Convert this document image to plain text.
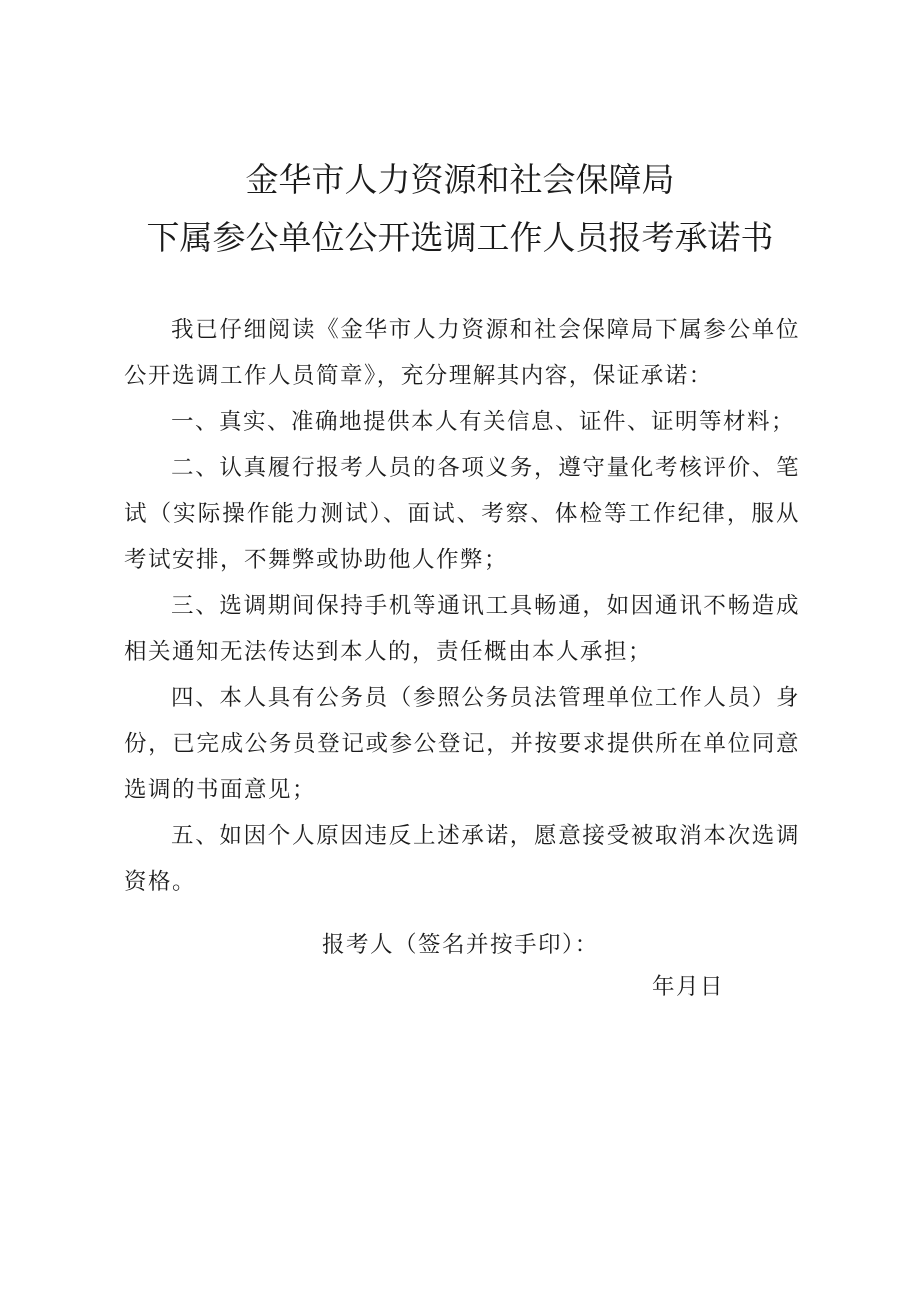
金华市人力资源和社会保障局
下属参公单位公开选调工作人员报考承诺书

我已仔细阅读《金华市人力资源和社会保障局下属参公单位公开选调工作人员简章》，充分理解其内容，保证承诺：

一、真实、准确地提供本人有关信息、证件、证明等材料；

二、认真履行报考人员的各项义务，遵守量化考核评价、笔试（实际操作能力测试）、面试、考察、体检等工作纪律，服从考试安排，不舞弊或协助他人作弊；

三、选调期间保持手机等通讯工具畅通，如因通讯不畅造成相关通知无法传达到本人的，责任概由本人承担；

四、本人具有公务员（参照公务员法管理单位工作人员）身份，已完成公务员登记或参公登记，并按要求提供所在单位同意选调的书面意见；

五、如因个人原因违反上述承诺，愿意接受被取消本次选调资格。

报考人（签名并按手印）：
年月日
